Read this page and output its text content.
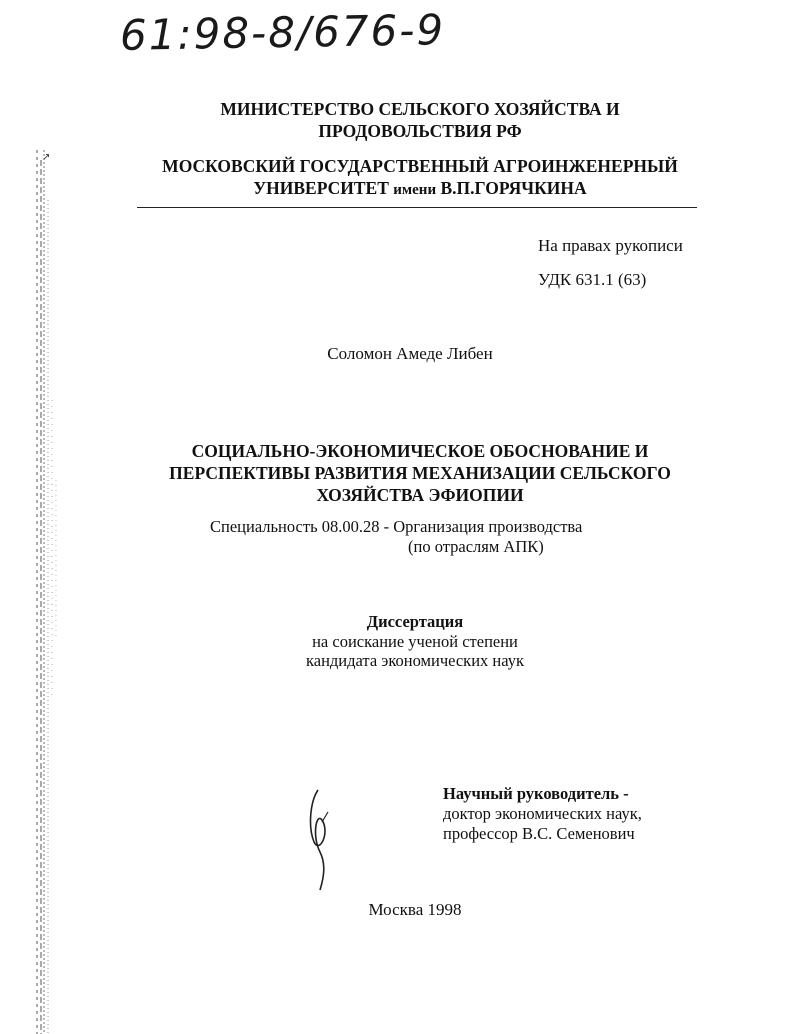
↗
61:98-8/676-9
МИНИСТЕРСТВО СЕЛЬСКОГО ХОЗЯЙСТВА И
ПРОДОВОЛЬСТВИЯ РФ
МОСКОВСКИЙ ГОСУДАРСТВЕННЫЙ АГРОИНЖЕНЕРНЫЙ
УНИВЕРСИТЕТ имени В.П.ГОРЯЧКИНА
На правах рукописи
УДК 631.1 (63)
Соломон Амеде Либен
СОЦИАЛЬНО-ЭКОНОМИЧЕСКОЕ ОБОСНОВАНИЕ И
ПЕРСПЕКТИВЫ РАЗВИТИЯ МЕХАНИЗАЦИИ СЕЛЬСКОГО
ХОЗЯЙСТВА ЭФИОПИИ
Специальность 08.00.28 - Организация производства
(по отраслям АПК)
Диссертация
на соискание ученой степени
кандидата экономических наук
Научный руководитель -
доктор экономических наук,
профессор В.С. Семенович
Москва 1998
